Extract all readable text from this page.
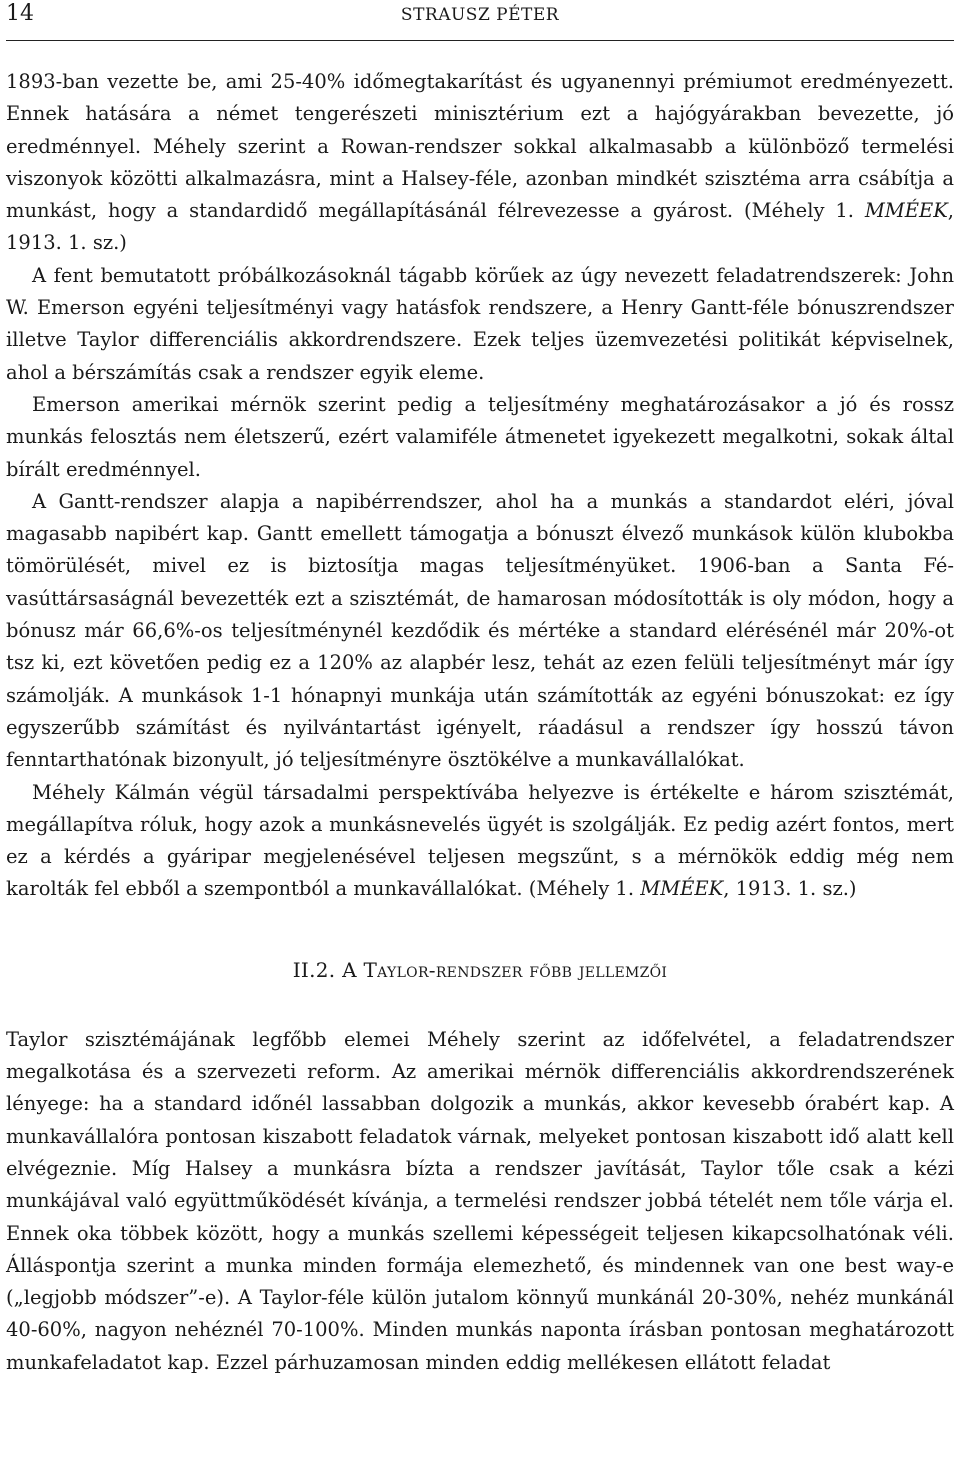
14	STRAUSZ PÉTER

1893-ban vezette be, ami 25-40% időmegtakarítást és ugyanennyi prémiumot eredményezett. Ennek hatására a német tengerészeti minisztérium ezt a hajógyárakban bevezette, jó eredménnyel. Méhely szerint a Rowan-rendszer sokkal alkalmasabb a különböző termelési viszonyok közötti alkalmazásra, mint a Halsey-féle, azonban mindkét szisztéma arra csábítja a munkást, hogy a standardidő megállapításánál félrevezesse a gyárost. (Méhely 1. MMÉEK, 1913. 1. sz.)

A fent bemutatott próbálkozásoknál tágabb körűek az úgy nevezett feladatrendszerek: John W. Emerson egyéni teljesítményi vagy hatásfok rendszere, a Henry Gantt-féle bónuszrendszer illetve Taylor differenciális akkordrendszere. Ezek teljes üzemvezetési politikát képviselnek, ahol a bérszámítás csak a rendszer egyik eleme.

Emerson amerikai mérnök szerint pedig a teljesítmény meghatározásakor a jó és rossz munkás felosztás nem életszerű, ezért valamiféle átmenetet igyekezett megalkotni, sokak által bírált eredménnyel.

A Gantt-rendszer alapja a napibérrendszer, ahol ha a munkás a standardot eléri, jóval magasabb napibért kap. Gantt emellett támogatja a bónuszt élvező munkások külön klubokba tömörülését, mivel ez is biztosítja magas teljesítményüket. 1906-ban a Santa Fé-vasúttársaságnál bevezették ezt a szisztémát, de hamarosan módosították is oly módon, hogy a bónusz már 66,6%-os teljesítménynél kezdődik és mértéke a standard elérésénél már 20%-ot tsz ki, ezt követően pedig ez a 120% az alapbér lesz, tehát az ezen felüli teljesítményt már így számolják. A munkások 1-1 hónapnyi munkája után számították az egyéni bónuszokat: ez így egyszerűbb számítást és nyilvántartást igényelt, ráadásul a rendszer így hosszú távon fenntarthatónak bizonyult, jó teljesítményre ösztökélve a munkavállalókat.

Méhely Kálmán végül társadalmi perspektívába helyezve is értékelte e három szisztémát, megállapítva róluk, hogy azok a munkásnevelés ügyét is szolgálják. Ez pedig azért fontos, mert ez a kérdés a gyáripar megjelenésével teljesen megszűnt, s a mérnökök eddig még nem karolták fel ebből a szempontból a munkavállalókat. (Méhely 1. MMÉEK, 1913. 1. sz.)

II.2. A Taylor-rendszer főbb jellemzői

Taylor szisztémájának legfőbb elemei Méhely szerint az időfelvétel, a feladatrendszer megalkotása és a szervezeti reform. Az amerikai mérnök differenciális akkordrendszerének lényege: ha a standard időnél lassabban dolgozik a munkás, akkor kevesebb órabért kap. A munkavállalóra pontosan kiszabott feladatok várnak, melyeket pontosan kiszabott idő alatt kell elvégeznie. Míg Halsey a munkásra bízta a rendszer javítását, Taylor tőle csak a kézi munkájával való együttműködését kívánja, a termelési rendszer jobbá tételét nem tőle várja el. Ennek oka többek között, hogy a munkás szellemi képességeit teljesen kikapcsolhatónak véli. Álláspontja szerint a munka minden formája elemezhető, és mindennek van one best way-e („legjobb módszer”-e). A Taylor-féle külön jutalom könnyű munkánál 20-30%, nehéz munkánál 40-60%, nagyon nehéznél 70-100%. Minden munkás naponta írásban pontosan meghatározott munkafeladatot kap. Ezzel párhuzamosan minden eddig mellékesen ellátott feladat
